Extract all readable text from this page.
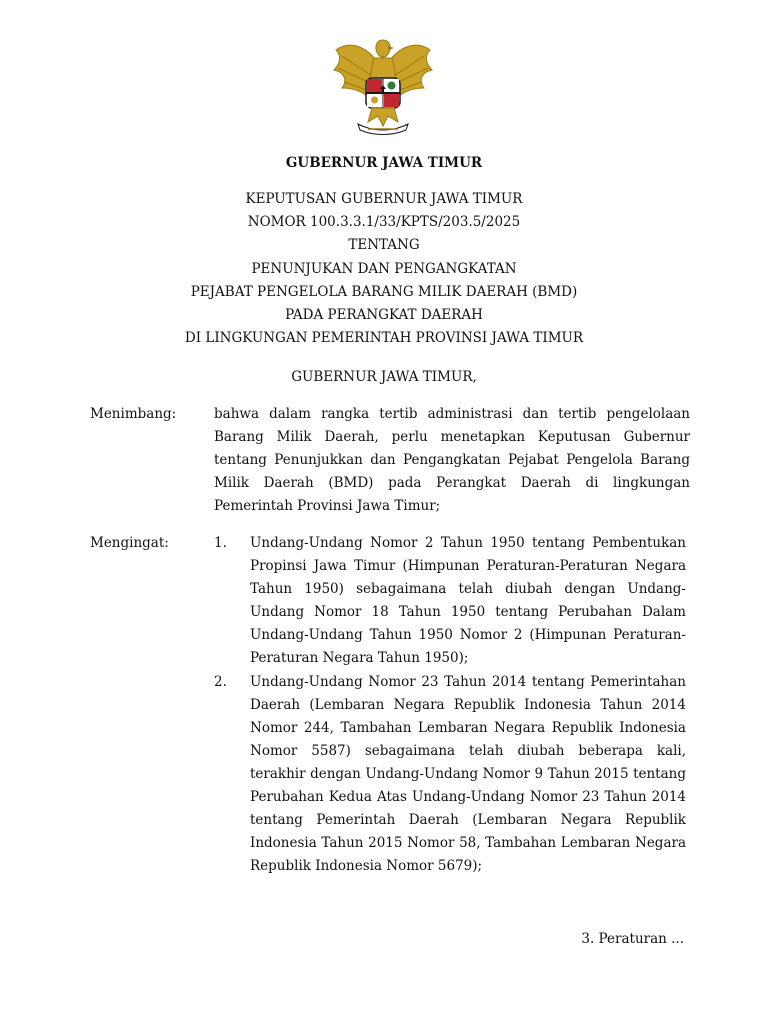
GUBERNUR JAWA TIMUR
KEPUTUSAN GUBERNUR JAWA TIMUR
NOMOR 100.3.3.1/33/KPTS/203.5/2025
TENTANG
PENUNJUKAN DAN PENGANGKATAN
PEJABAT PENGELOLA BARANG MILIK DAERAH (BMD)
PADA PERANGKAT DAERAH
DI LINGKUNGAN PEMERINTAH PROVINSI JAWA TIMUR
GUBERNUR JAWA TIMUR,
Menimbang:	bahwa dalam rangka tertib administrasi dan tertib pengelolaan Barang Milik Daerah, perlu menetapkan Keputusan Gubernur tentang Penunjukkan dan Pengangkatan Pejabat Pengelola Barang Milik Daerah (BMD) pada Perangkat Daerah di lingkungan Pemerintah Provinsi Jawa Timur;
Mengingat:	1. Undang-Undang Nomor 2 Tahun 1950 tentang Pembentukan Propinsi Jawa Timur (Himpunan Peraturan-Peraturan Negara Tahun 1950) sebagaimana telah diubah dengan Undang-Undang Nomor 18 Tahun 1950 tentang Perubahan Dalam Undang-Undang Tahun 1950 Nomor 2 (Himpunan Peraturan-Peraturan Negara Tahun 1950);
2. Undang-Undang Nomor 23 Tahun 2014 tentang Pemerintahan Daerah (Lembaran Negara Republik Indonesia Tahun 2014 Nomor 244, Tambahan Lembaran Negara Republik Indonesia Nomor 5587) sebagaimana telah diubah beberapa kali, terakhir dengan Undang-Undang Nomor 9 Tahun 2015 tentang Perubahan Kedua Atas Undang-Undang Nomor 23 Tahun 2014 tentang Pemerintah Daerah (Lembaran Negara Republik Indonesia Tahun 2015 Nomor 58, Tambahan Lembaran Negara Republik Indonesia Nomor 5679);
3. Peraturan ...
